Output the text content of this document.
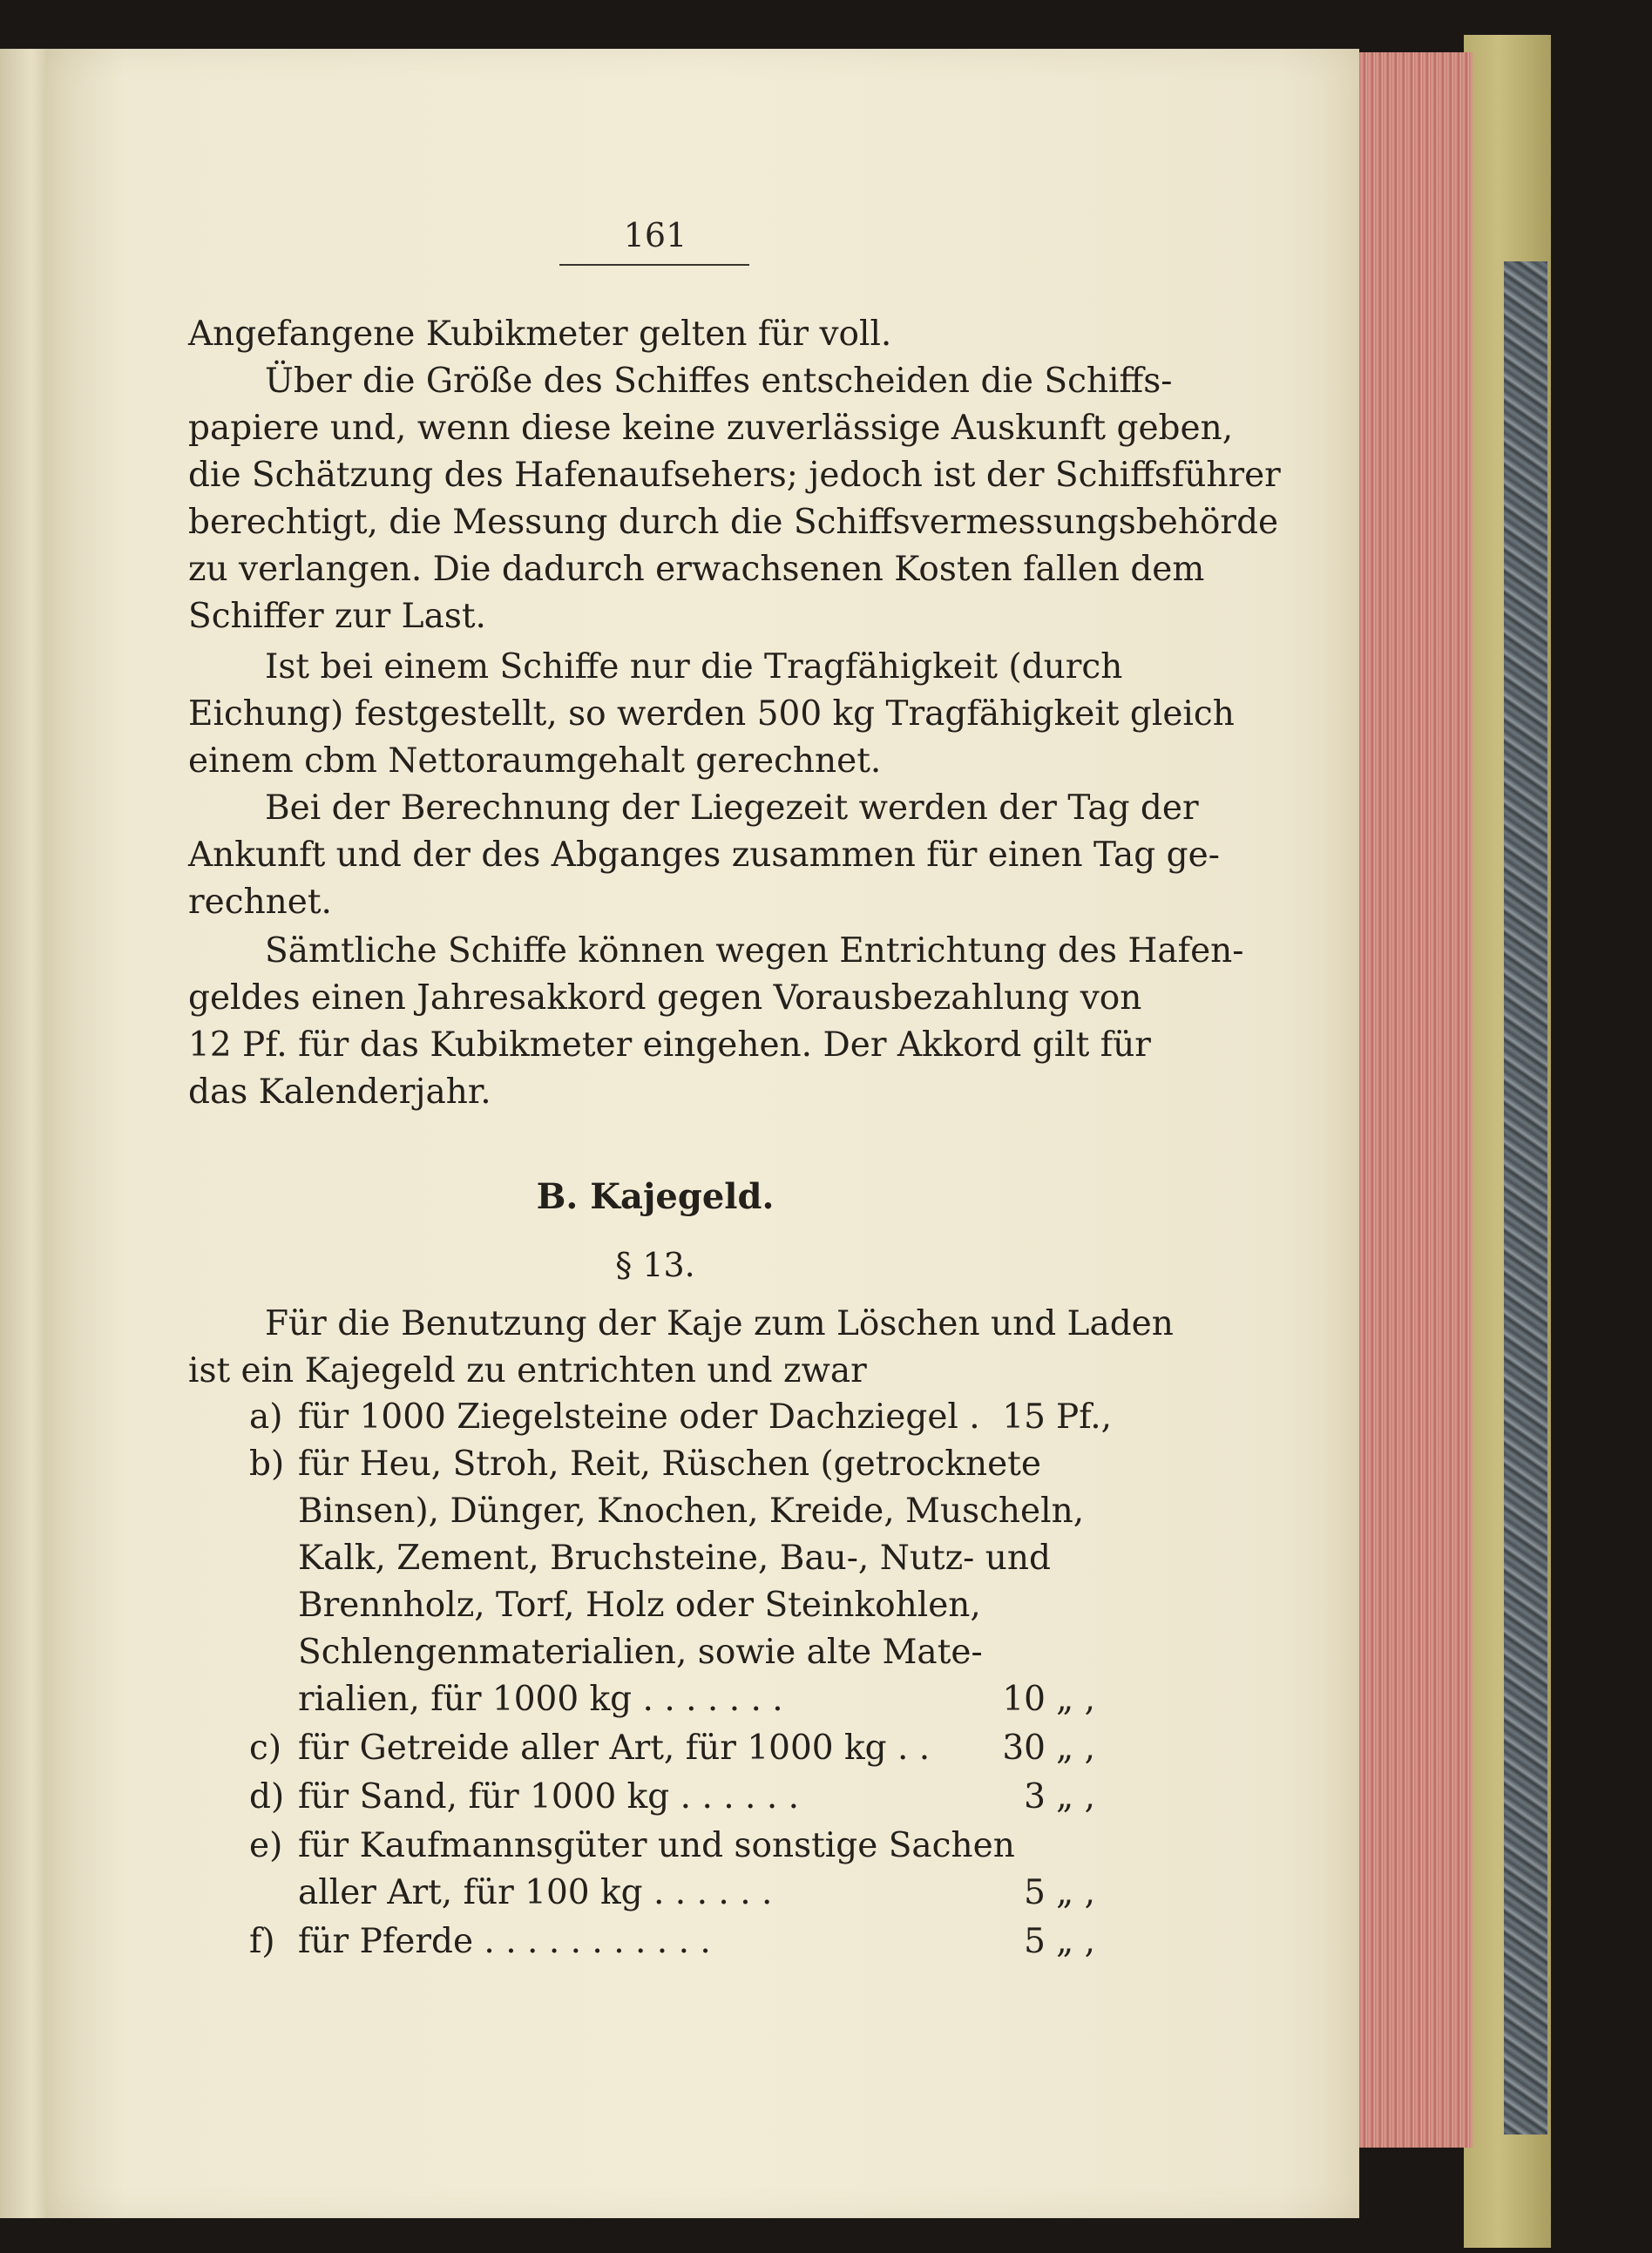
161
Angefangene Kubikmeter gelten für voll.
Über die Größe des Schiffes entscheiden die Schiffs-
papiere und, wenn diese keine zuverlässige Auskunft geben,
die Schätzung des Hafenaufsehers; jedoch ist der Schiffsführer
berechtigt, die Messung durch die Schiffsvermessungsbehörde
zu verlangen. Die dadurch erwachsenen Kosten fallen dem
Schiffer zur Last.
Ist bei einem Schiffe nur die Tragfähigkeit (durch
Eichung) festgestellt, so werden 500 kg Tragfähigkeit gleich
einem cbm Nettoraumgehalt gerechnet.
Bei der Berechnung der Liegezeit werden der Tag der
Ankunft und der des Abganges zusammen für einen Tag ge-
rechnet.
Sämtliche Schiffe können wegen Entrichtung des Hafen-
geldes einen Jahresakkord gegen Vorausbezahlung von
12 Pf. für das Kubikmeter eingehen. Der Akkord gilt für
das Kalenderjahr.
B. Kajegeld.
§ 13.
Für die Benutzung der Kaje zum Löschen und Laden
ist ein Kajegeld zu entrichten und zwar
a) für 1000 Ziegelsteine oder Dachziegel . 15 Pf.,
b) für Heu, Stroh, Reit, Rüschen (getrocknete
Binsen), Dünger, Knochen, Kreide, Muscheln,
Kalk, Zement, Bruchsteine, Bau-, Nutz- und
Brennholz, Torf, Holz oder Steinkohlen,
Schlengenmaterialien, sowie alte Mate-
rialien, für 1000 kg . . . . . . .	10 „ ,
c) für Getreide aller Art, für 1000 kg . . 30 „ ,
d) für Sand, für 1000 kg . . . . . .	3 „ ,
e) für Kaufmannsgüter und sonstige Sachen
aller Art, für 100 kg . . . . . .	5 „ ,
f) für Pferde . . . . . . . . . . .	5 „ ,
